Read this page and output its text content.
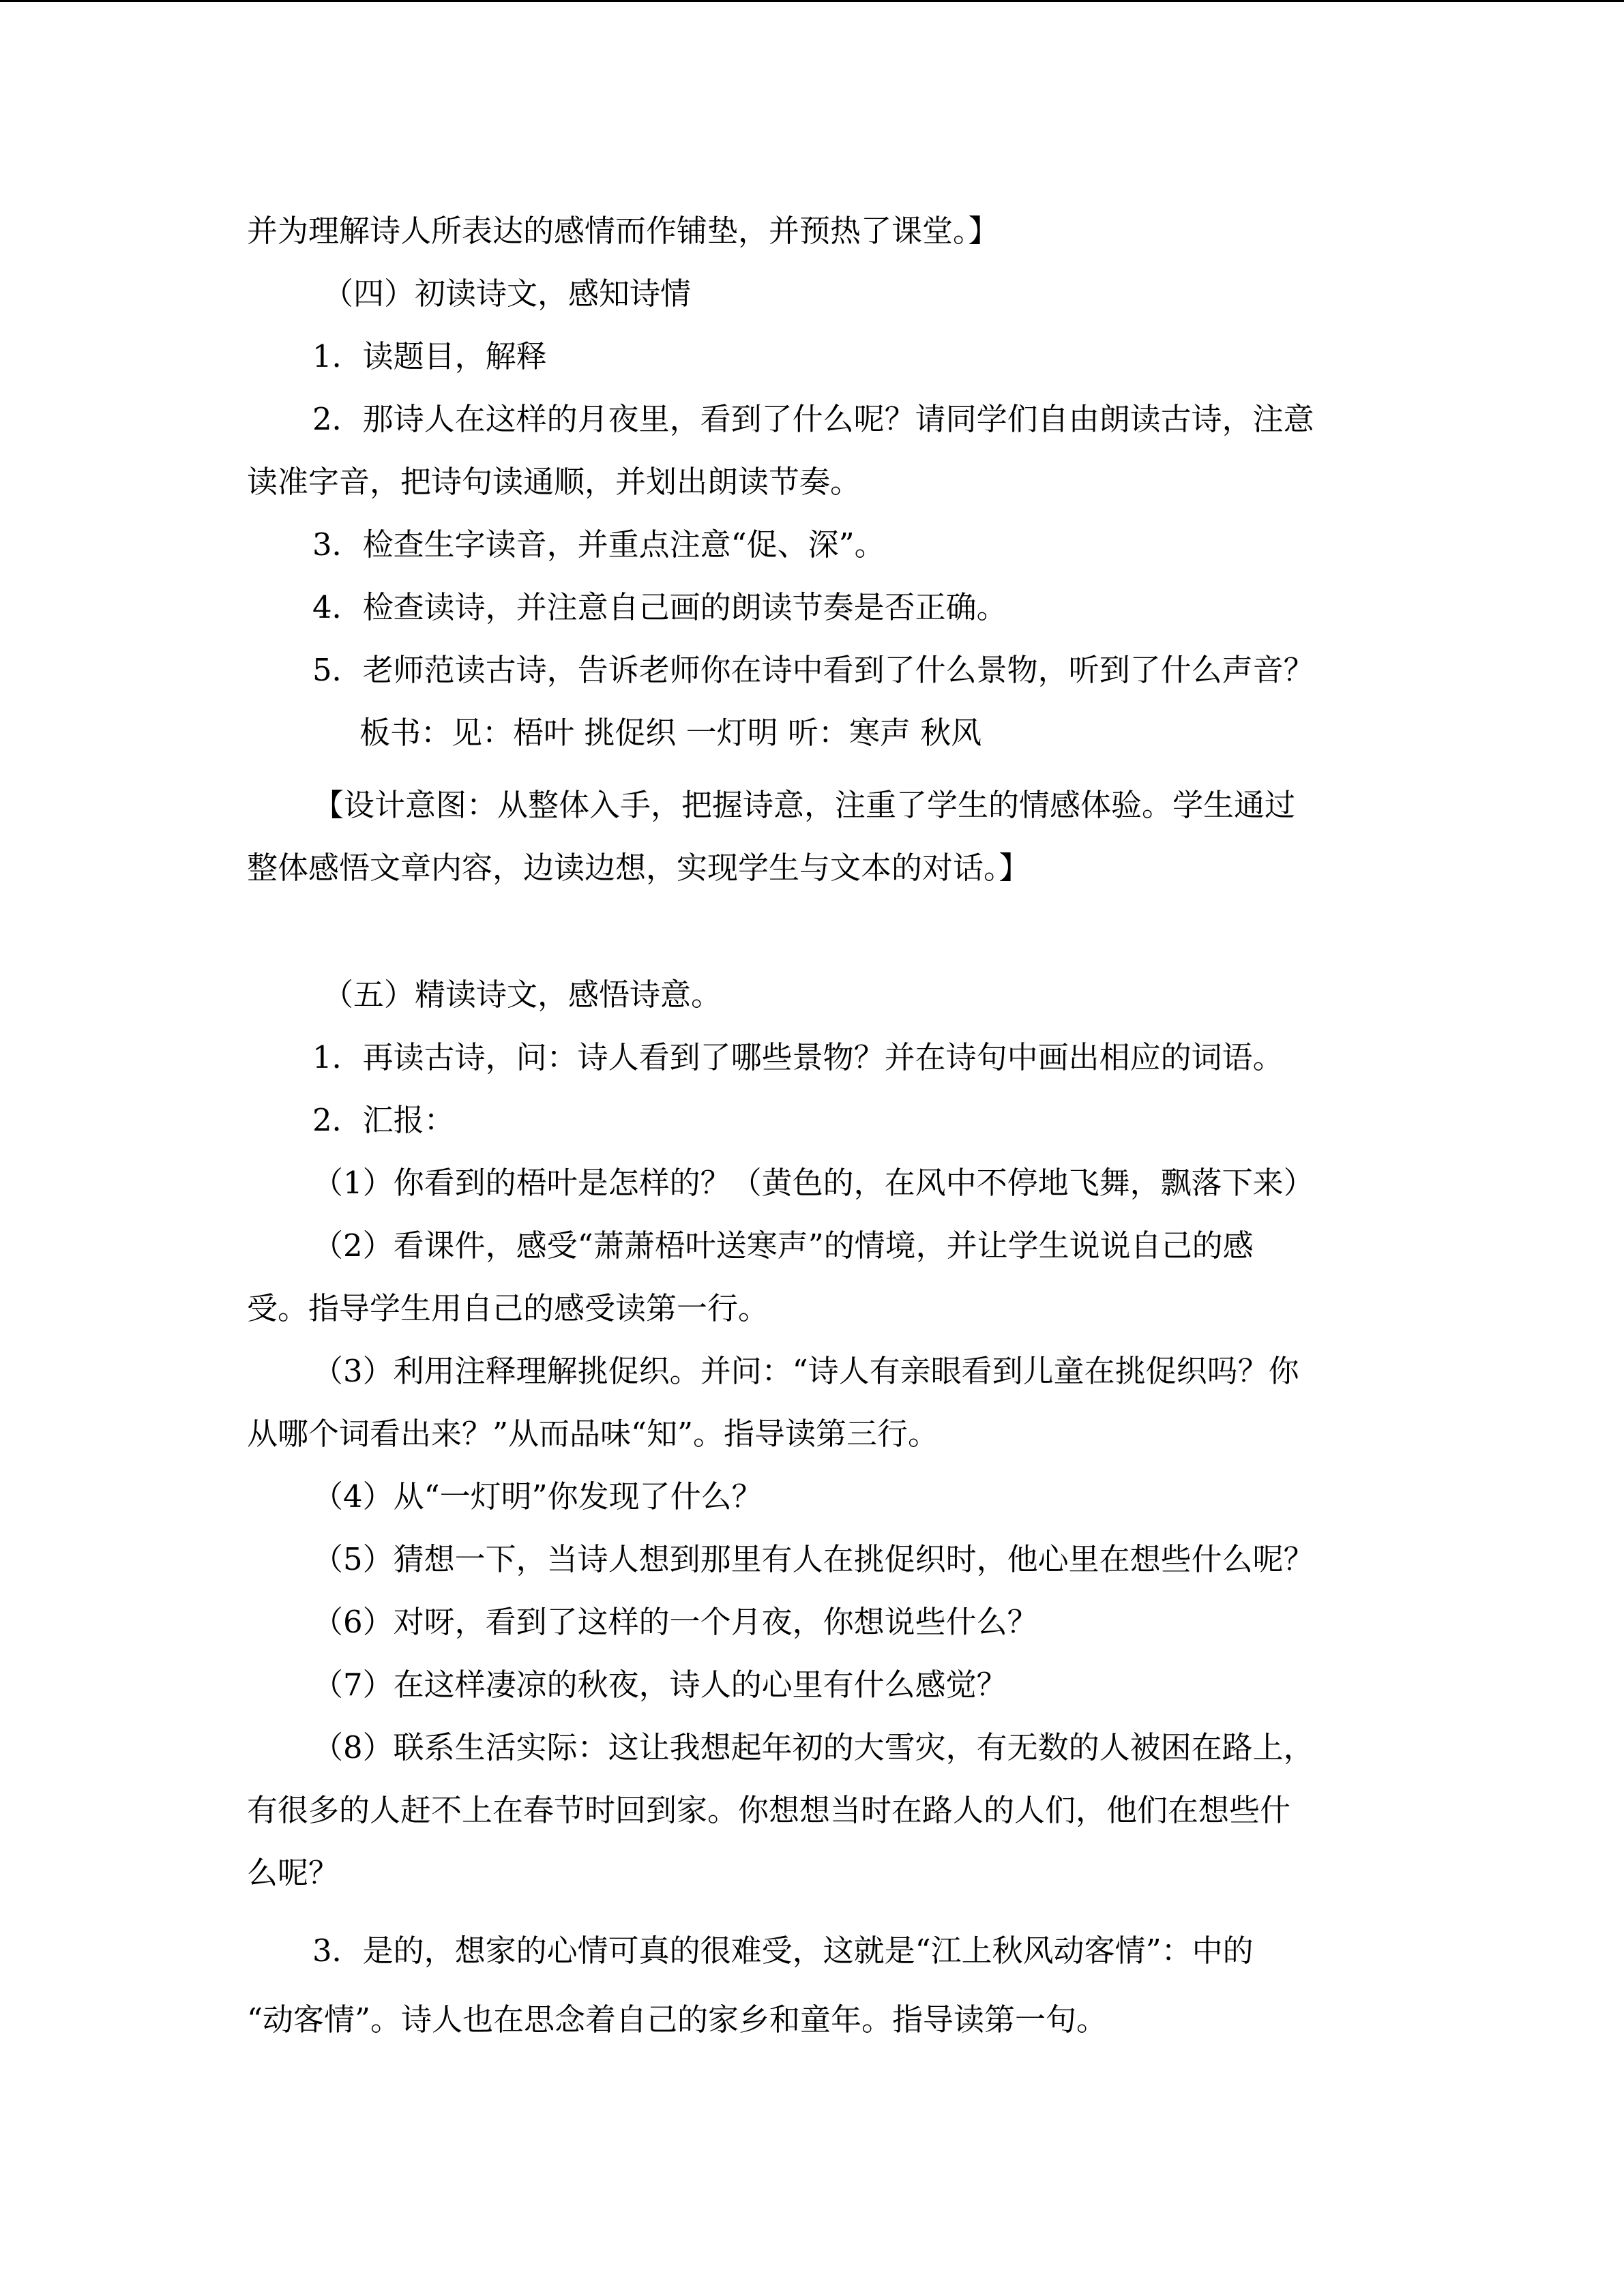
并为理解诗人所表达的感情而作铺垫，并预热了课堂。】
（四）初读诗文，感知诗情
1．读题目，解释
2．那诗人在这样的月夜里，看到了什么呢？请同学们自由朗读古诗，注意
读准字音，把诗句读通顺，并划出朗读节奏。
3．检查生字读音，并重点注意“促、深”。
4．检查读诗，并注意自己画的朗读节奏是否正确。
5．老师范读古诗，告诉老师你在诗中看到了什么景物，听到了什么声音？
板书：见：梧叶 挑促织 一灯明 听：寒声 秋风
【设计意图：从整体入手，把握诗意，注重了学生的情感体验。学生通过
整体感悟文章内容，边读边想，实现学生与文本的对话。】
（五）精读诗文，感悟诗意。
1．再读古诗，问：诗人看到了哪些景物？并在诗句中画出相应的词语。
2．汇报：
（1）你看到的梧叶是怎样的？（黄色的，在风中不停地飞舞，飘落下来）
（2）看课件，感受“萧萧梧叶送寒声”的情境，并让学生说说自己的感
受。指导学生用自己的感受读第一行。
（3）利用注释理解挑促织。并问：“诗人有亲眼看到儿童在挑促织吗？你
从哪个词看出来？”从而品味“知”。指导读第三行。
（4）从“一灯明”你发现了什么？
（5）猜想一下，当诗人想到那里有人在挑促织时，他心里在想些什么呢？
（6）对呀，看到了这样的一个月夜，你想说些什么？
（7）在这样凄凉的秋夜，诗人的心里有什么感觉？
（8）联系生活实际：这让我想起年初的大雪灾，有无数的人被困在路上，
有很多的人赶不上在春节时回到家。你想想当时在路人的人们，他们在想些什
么呢？
3．是的，想家的心情可真的很难受，这就是“江上秋风动客情”：中的
“动客情”。诗人也在思念着自己的家乡和童年。指导读第一句。
